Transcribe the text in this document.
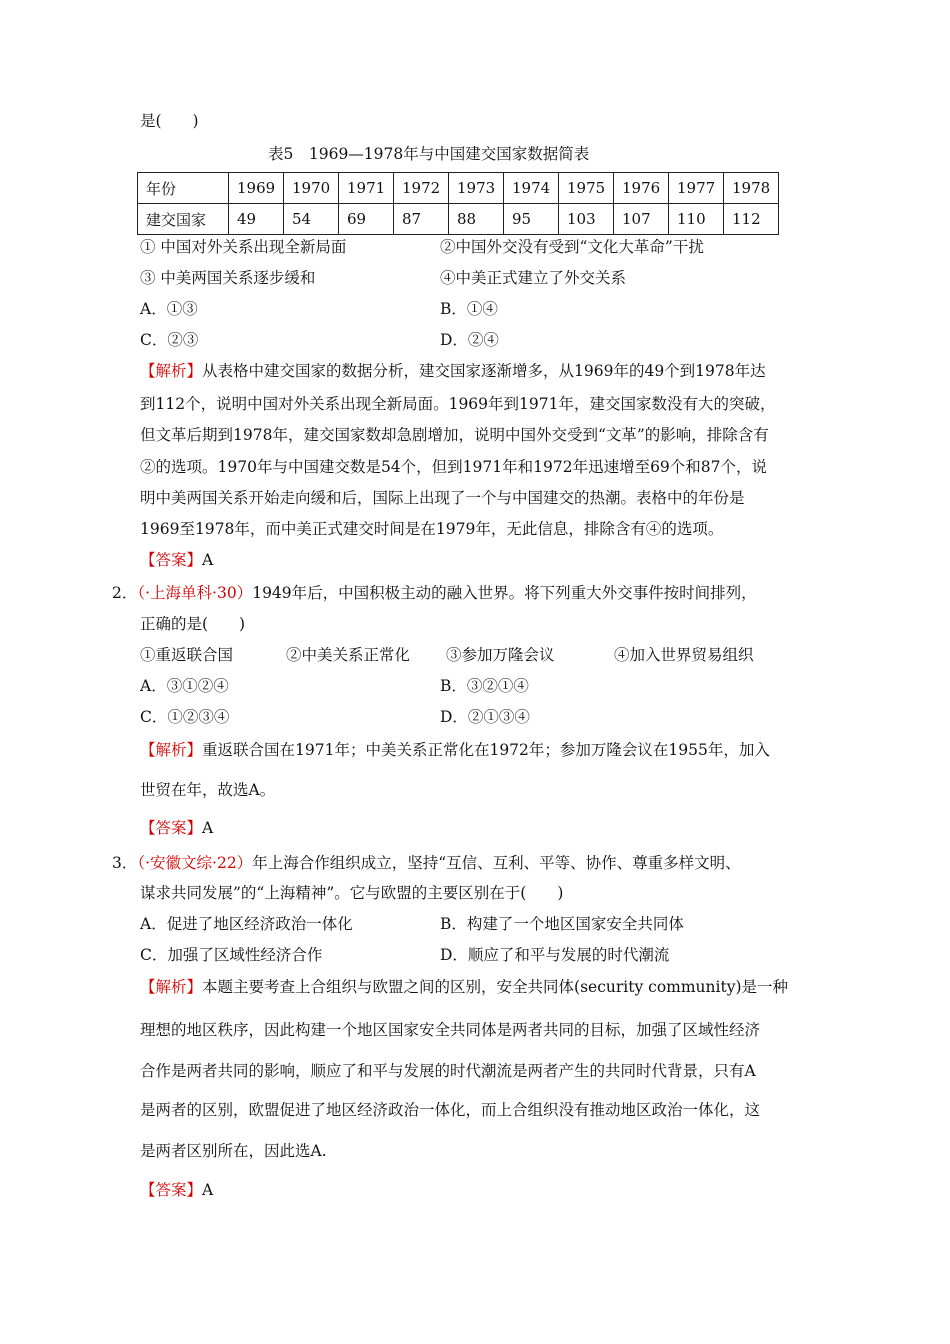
是(　　)
表5　1969—1978年与中国建交国家数据简表
年份	1969	1970	1971	1972	1973	1974	1975	1976	1977	1978
建交国家	49	54	69	87	88	95	103	107	110	112
① 中国对外关系出现全新局面	②中国外交没有受到“文化大革命”干扰
③ 中美两国关系逐步缓和	④中美正式建立了外交关系
A．①③	B．①④
C．②③	D．②④
【解析】从表格中建交国家的数据分析，建交国家逐渐增多，从1969年的49个到1978年达
到112个，说明中国对外关系出现全新局面。1969年到1971年，建交国家数没有大的突破，
但文革后期到1978年，建交国家数却急剧增加，说明中国外交受到“文革”的影响，排除含有
②的选项。1970年与中国建交数是54个，但到1971年和1972年迅速增至69个和87个，说
明中美两国关系开始走向缓和后，国际上出现了一个与中国建交的热潮。表格中的年份是
1969至1978年，而中美正式建交时间是在1979年，无此信息，排除含有④的选项。
【答案】A
2．（·上海单科·30）1949年后，中国积极主动的融入世界。将下列重大外交事件按时间排列，
正确的是(　　)
①重返联合国	②中美关系正常化 ③参加万隆会议	④加入世界贸易组织
A．③①②④	B．③②①④
C．①②③④	D．②①③④
【解析】重返联合国在1971年；中美关系正常化在1972年；参加万隆会议在1955年，加入
世贸在年，故选A。
【答案】A
3．（·安徽文综·22）年上海合作组织成立，坚持“互信、互利、平等、协作、尊重多样文明、
谋求共同发展”的“上海精神”。它与欧盟的主要区别在于(　　)
A．促进了地区经济政治一体化	B．构建了一个地区国家安全共同体
C．加强了区域性经济合作	D．顺应了和平与发展的时代潮流
【解析】本题主要考查上合组织与欧盟之间的区别，安全共同体(security community)是一种
理想的地区秩序，因此构建一个地区国家安全共同体是两者共同的目标，加强了区域性经济
合作是两者共同的影响，顺应了和平与发展的时代潮流是两者产生的共同时代背景，只有A
是两者的区别，欧盟促进了地区经济政治一体化，而上合组织没有推动地区政治一体化，这
是两者区别所在，因此选A.
【答案】A
